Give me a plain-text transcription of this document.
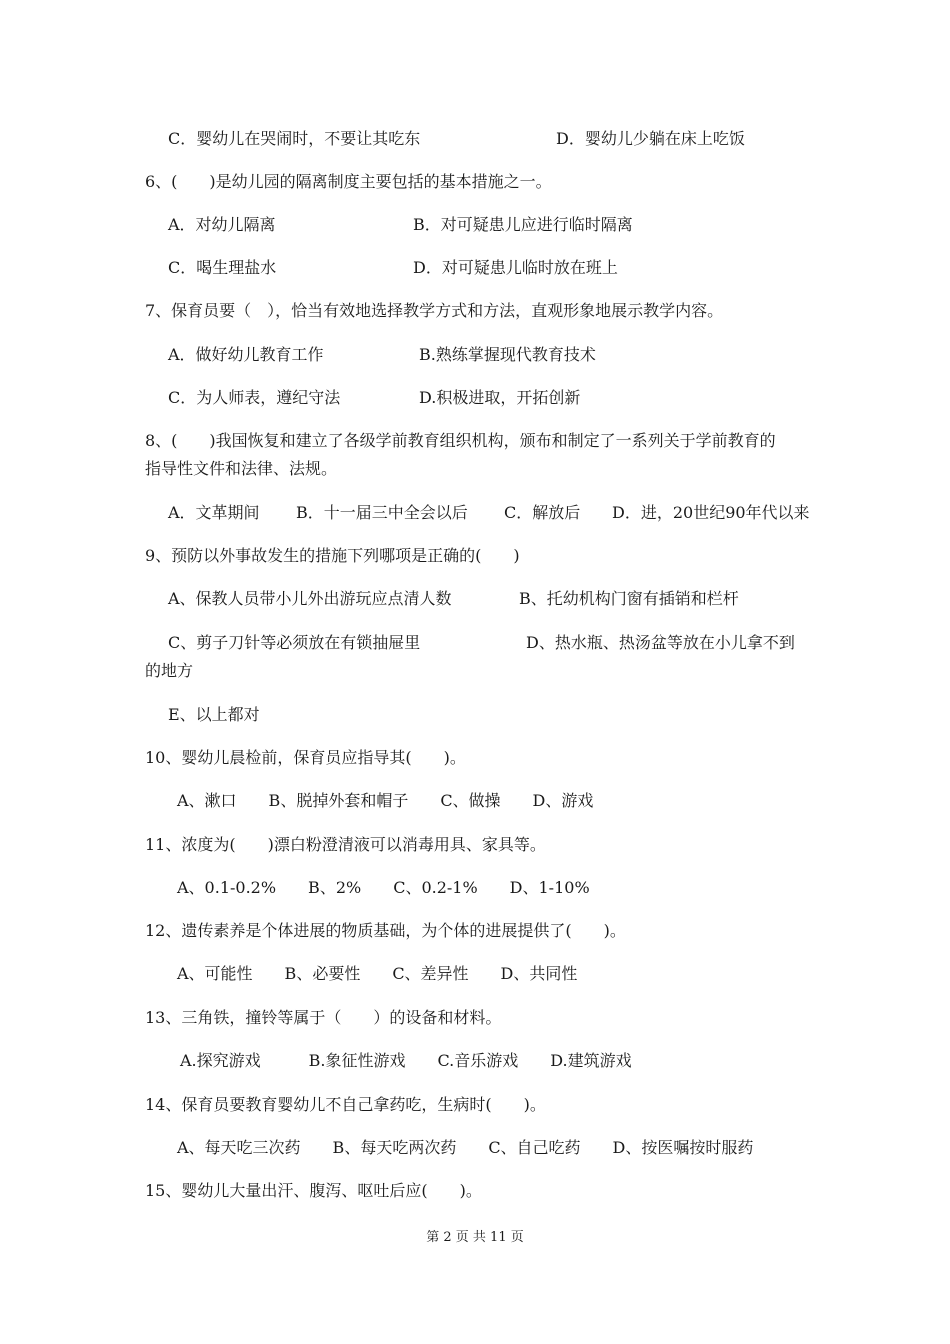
C．婴幼儿在哭闹时，不要让其吃东	D．婴幼儿少躺在床上吃饭
6、(　　)是幼儿园的隔离制度主要包括的基本措施之一。
A．对幼儿隔离	B．对可疑患儿应进行临时隔离
C．喝生理盐水	D．对可疑患儿临时放在班上
7、保育员要（　），恰当有效地选择教学方式和方法，直观形象地展示教学内容。
A．做好幼儿教育工作	B.熟练掌握现代教育技术
C．为人师表，遵纪守法	D.积极进取，开拓创新
8、(　　)我国恢复和建立了各级学前教育组织机构，颁布和制定了一系列关于学前教育的
指导性文件和法律、法规。
A．文革期间 B．十一届三中全会以后 C．解放后 D．进，20世纪90年代以来
9、预防以外事故发生的措施下列哪项是正确的(　　)
A、保教人员带小儿外出游玩应点清人数	B、托幼机构门窗有插销和栏杆
C、剪子刀针等必须放在有锁抽屉里	D、热水瓶、热汤盆等放在小儿拿不到
的地方
E、以上都对
10、婴幼儿晨检前，保育员应指导其(　　)。
A、漱口　　B、脱掉外套和帽子　　C、做操　　D、游戏
11、浓度为(　　)漂白粉澄清液可以消毒用具、家具等。
A、0.1-0.2%　　B、2%　　C、0.2-1%　　D、1-10%
12、遗传素养是个体进展的物质基础，为个体的进展提供了(　　)。
A、可能性　　B、必要性　　C、差异性　　D、共同性
13、三角铁，撞铃等属于（　　）的设备和材料。
A.探究游戏　　　B.象征性游戏　　C.音乐游戏　　D.建筑游戏
14、保育员要教育婴幼儿不自己拿药吃，生病时(　　)。
A、每天吃三次药　　B、每天吃两次药　　C、自己吃药　　D、按医嘱按时服药
15、婴幼儿大量出汗、腹泻、呕吐后应(　　)。
第 2 页 共 11 页
